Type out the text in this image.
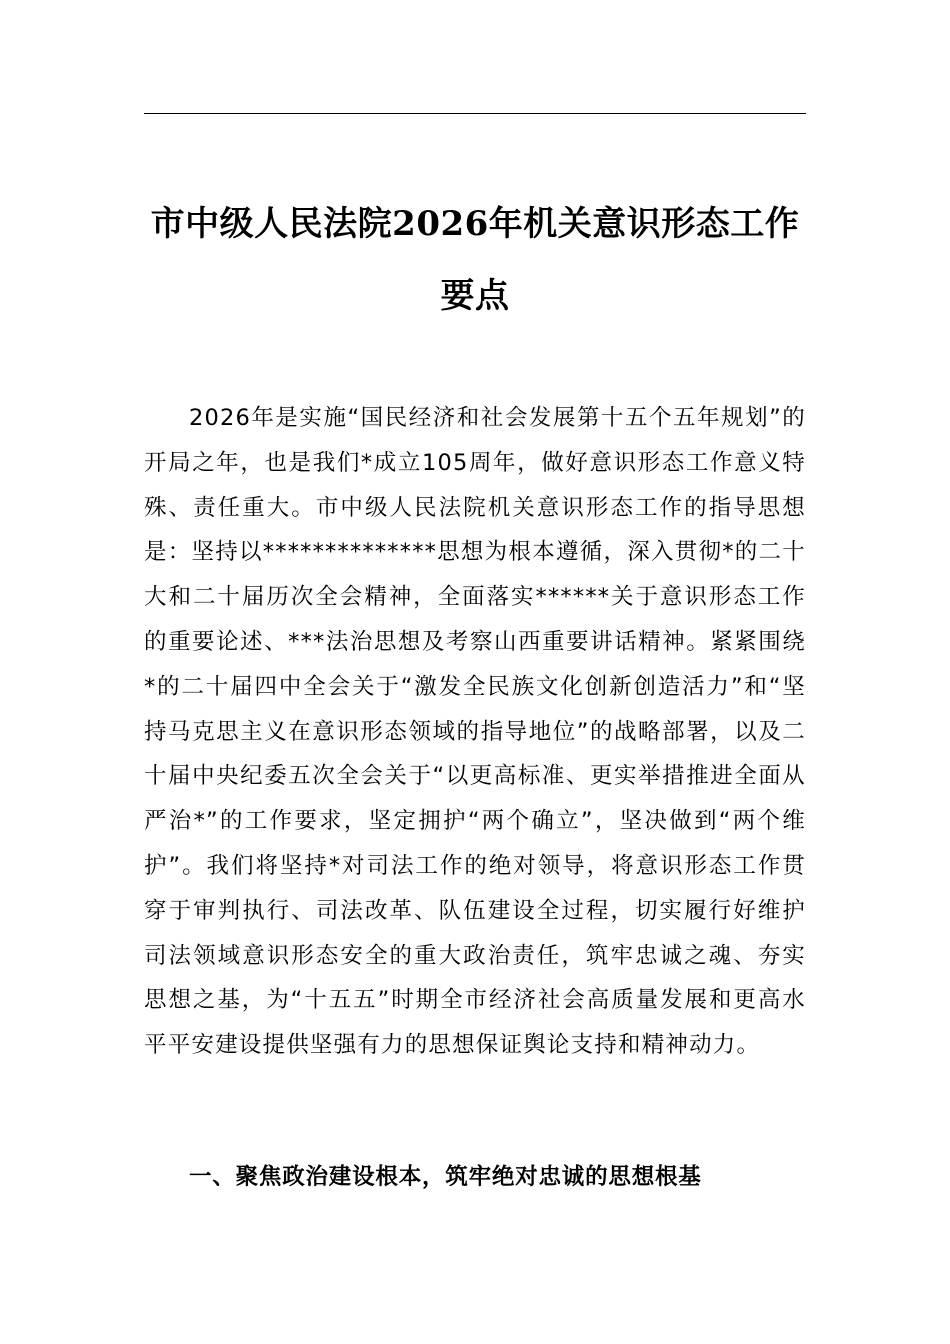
市中级人民法院2026年机关意识形态工作
要点

2026年是实施“国民经济和社会发展第十五个五年规划”的开局之年，也是我们*成立105周年，做好意识形态工作意义特殊、责任重大。市中级人民法院机关意识形态工作的指导思想是：坚持以**************思想为根本遵循，深入贯彻*的二十大和二十届历次全会精神，全面落实******关于意识形态工作的重要论述、***法治思想及考察山西重要讲话精神。紧紧围绕*的二十届四中全会关于“激发全民族文化创新创造活力”和“坚持马克思主义在意识形态领域的指导地位”的战略部署，以及二十届中央纪委五次全会关于“以更高标准、更实举措推进全面从严治*”的工作要求，坚定拥护“两个确立”，坚决做到“两个维护”。我们将坚持*对司法工作的绝对领导，将意识形态工作贯穿于审判执行、司法改革、队伍建设全过程，切实履行好维护司法领域意识形态安全的重大政治责任，筑牢忠诚之魂、夯实思想之基，为“十五五”时期全市经济社会高质量发展和更高水平平安建设提供坚强有力的思想保证舆论支持和精神动力。

一、聚焦政治建设根本，筑牢绝对忠诚的思想根基
